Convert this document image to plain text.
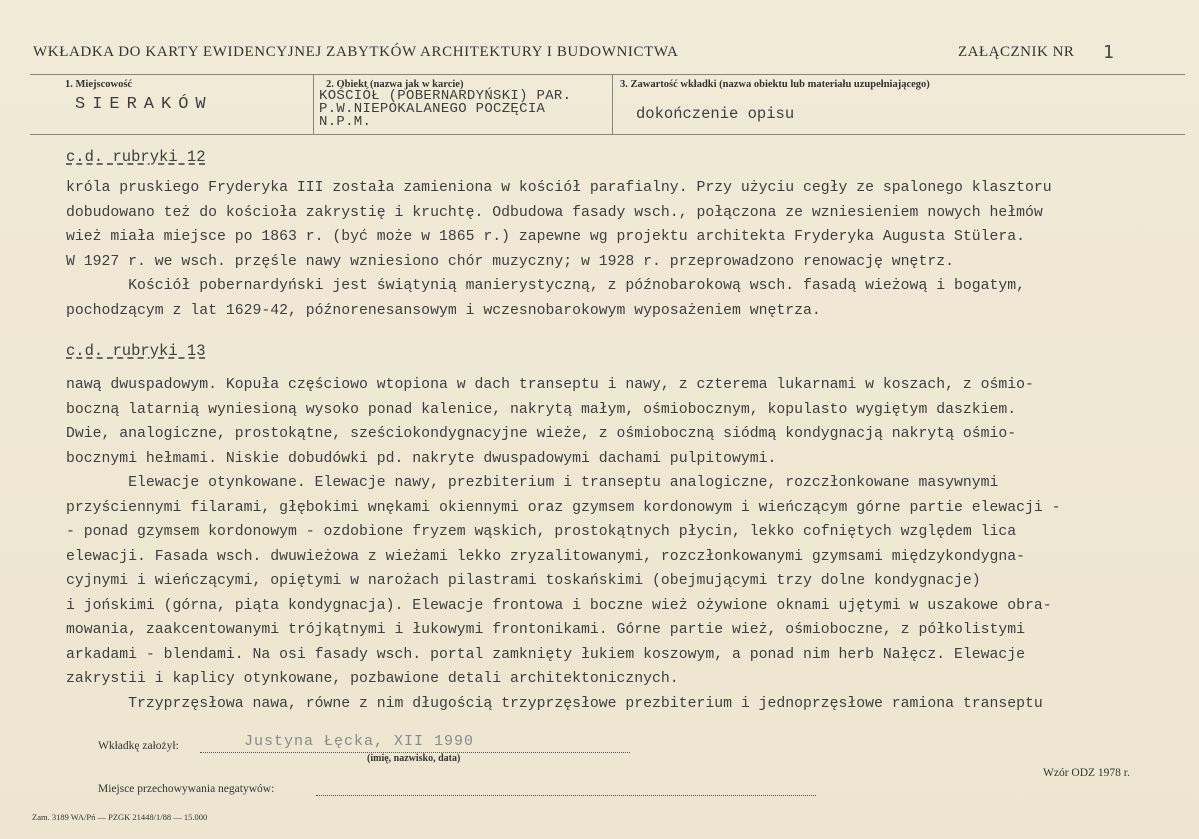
WKŁADKA DO KARTY EWIDENCYJNEJ ZABYTKÓW ARCHITEKTURY I BUDOWNICTWA	ZAŁĄCZNIK NR 1
1. Miejscowość
SIERAKÓW
2. Obiekt (nazwa jak w karcie)
KOŚCIÓŁ (POBERNARDYŃSKI) PAR.
P.W.NIEPOKALANEGO POCZĘCIA
N.P.M.
3. Zawartość wkładki (nazwa obiektu lub materiału uzupełniającego)
dokończenie opisu
c.d. rubryki 12
króla pruskiego Fryderyka III została zamieniona w kościół parafialny. Przy użyciu cegły ze spalonego klasztoru
dobudowano też do kościoła zakrystię i kruchtę. Odbudowa fasady wsch., połączona ze wzniesieniem nowych hełmów
wież miała miejsce po 1863 r. (być może w 1865 r.) zapewne wg projektu architekta Fryderyka Augusta Stülera.
W 1927 r. we wsch. przęśle nawy wzniesiono chór muzyczny; w 1928 r. przeprowadzono renowację wnętrz.
Kościół pobernardyński jest świątynią manierystyczną, z późnobarokową wsch. fasadą wieżową i bogatym,
pochodzącym z lat 1629-42, późnorenesansowym i wczesnobarokowym wyposażeniem wnętrza.
c.d. rubryki 13
nawą dwuspadowym. Kopuła częściowo wtopiona w dach transeptu i nawy, z czterema lukarnami w koszach, z ośmio-
boczną latarnią wyniesioną wysoko ponad kalenice, nakrytą małym, ośmiobocznym, kopulasto wygiętym daszkiem.
Dwie, analogiczne, prostokątne, sześciokondygnacyjne wieże, z ośmioboczną siódmą kondygnacją nakrytą ośmio-
bocznymi hełmami. Niskie dobudówki pd. nakryte dwuspadowymi dachami pulpitowymi.
Elewacje otynkowane. Elewacje nawy, prezbiterium i transeptu analogiczne, rozczłonkowane masywnymi
przyściennymi filarami, głębokimi wnękami okiennymi oraz gzymsem kordonowym i wieńczącym górne partie elewacji -
- ponad gzymsem kordonowym - ozdobione fryzem wąskich, prostokątnych płycin, lekko cofniętych względem lica
elewacji. Fasada wsch. dwuwieżowa z wieżami lekko zryzalitowanymi, rozczłonkowanymi gzymsami międzykondygna-
cyjnymi i wieńczącymi, opiętymi w narożach pilastrami toskańskimi (obejmującymi trzy dolne kondygnacje)
i jońskimi (górna, piąta kondygnacja). Elewacje frontowa i boczne wież ożywione oknami ujętymi w uszakowe obra-
mowania, zaakcentowanymi trójkątnymi i łukowymi frontonikami. Górne partie wież, ośmioboczne, z półkolistymi
arkadami - blendami. Na osi fasady wsch. portal zamknięty łukiem koszowym, a ponad nim herb Nałęcz. Elewacje
zakrystii i kaplicy otynkowane, pozbawione detali architektonicznych.
Trzyprzęsłowa nawa, równe z nim długością trzyprzęsłowe prezbiterium i jednoprzęsłowe ramiona transeptu
Wkładkę założył:	Justyna Łęcka, XII 1990
(imię, nazwisko, data)
Wzór ODZ 1978 r.
Miejsce przechowywania negatywów:
Zam. 3189 WA/Pń — PZGK 21448/1/88 — 15.000
